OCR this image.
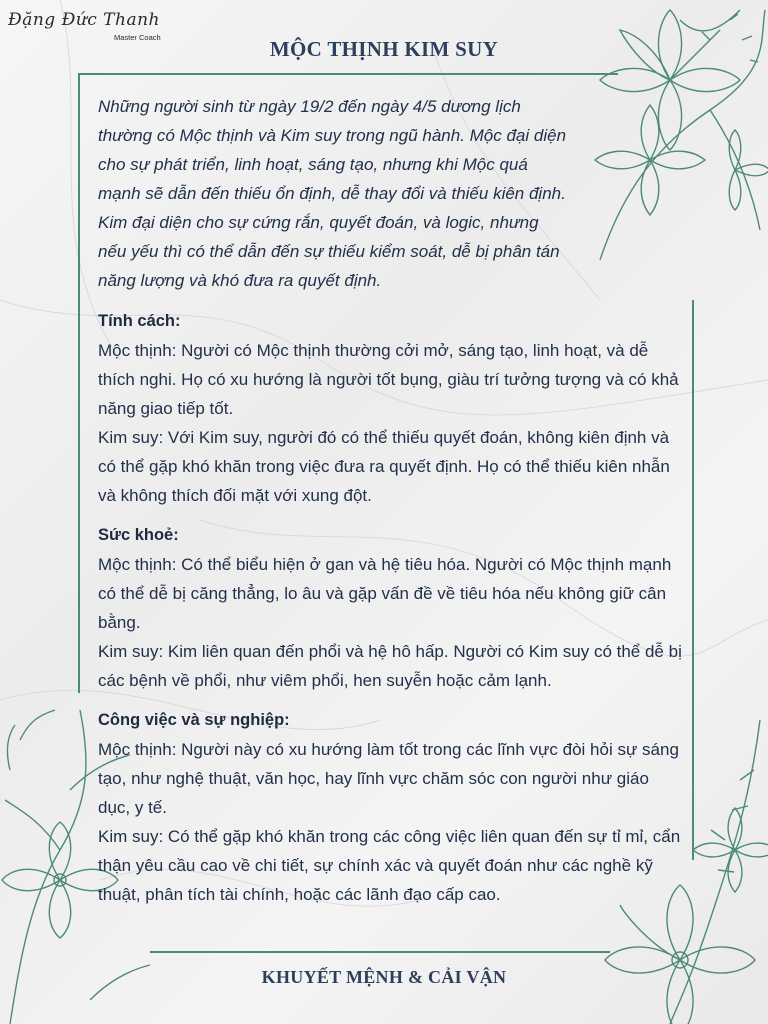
Đặng Đức Thanh
Master Coach	MỘC THỊNH KIM SUY

Những người sinh từ ngày 19/2 đến ngày 4/5 dương lịch thường có Mộc thịnh và Kim suy trong ngũ hành. Mộc đại diện cho sự phát triển, linh hoạt, sáng tạo, nhưng khi Mộc quá mạnh sẽ dẫn đến thiếu ổn định, dễ thay đổi và thiếu kiên định. Kim đại diện cho sự cứng rắn, quyết đoán, và logic, nhưng nếu yếu thì có thể dẫn đến sự thiếu kiểm soát, dễ bị phân tán năng lượng và khó đưa ra quyết định.

Tính cách:

Mộc thịnh: Người có Mộc thịnh thường cởi mở, sáng tạo, linh hoạt, và dễ thích nghi. Họ có xu hướng là người tốt bụng, giàu trí tưởng tượng và có khả năng giao tiếp tốt.

Kim suy: Với Kim suy, người đó có thể thiếu quyết đoán, không kiên định và có thể gặp khó khăn trong việc đưa ra quyết định. Họ có thể thiếu kiên nhẫn và không thích đối mặt với xung đột.

Sức khoẻ:

Mộc thịnh: Có thể biểu hiện ở gan và hệ tiêu hóa. Người có Mộc thịnh mạnh có thể dễ bị căng thẳng, lo âu và gặp vấn đề về tiêu hóa nếu không giữ cân bằng.

Kim suy: Kim liên quan đến phổi và hệ hô hấp. Người có Kim suy có thể dễ bị các bệnh về phổi, như viêm phổi, hen suyễn hoặc cảm lạnh.

Công việc và sự nghiệp:

Mộc thịnh: Người này có xu hướng làm tốt trong các lĩnh vực đòi hỏi sự sáng tạo, như nghệ thuật, văn học, hay lĩnh vực chăm sóc con người như giáo dục, y tế.

Kim suy: Có thể gặp khó khăn trong các công việc liên quan đến sự tỉ mỉ, cẩn thận yêu cầu cao về chi tiết, sự chính xác và quyết đoán như các nghề kỹ thuật, phân tích tài chính, hoặc các lãnh đạo cấp cao.

KHUYẾT MỆNH & CẢI VẬN
